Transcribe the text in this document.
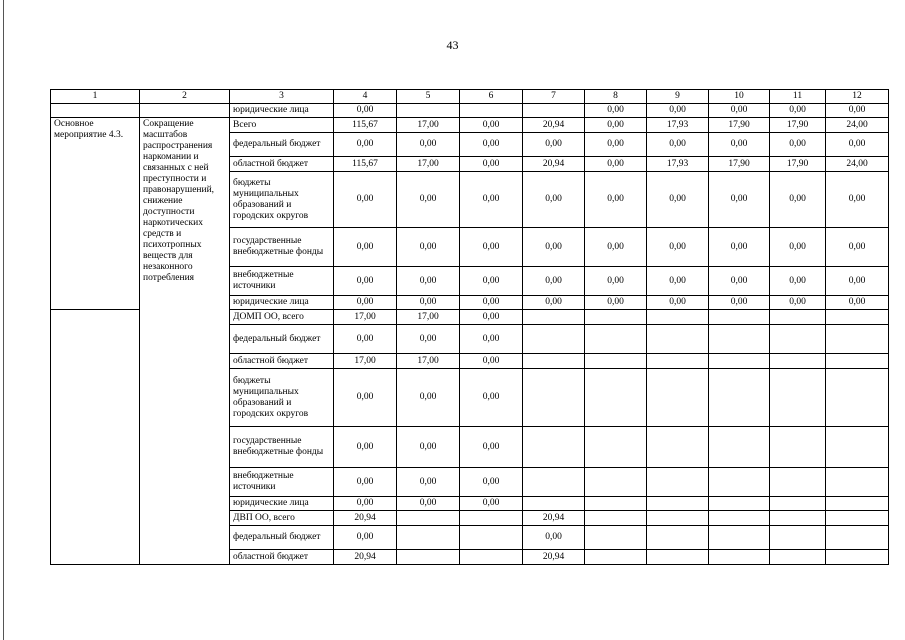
43
1	2	3	4	5	6	7	8	9	10	11	12
		юридические лица	0,00				0,00	0,00	0,00	0,00	0,00
Основное мероприятие 4.3.	Сокращение масштабов распространения наркомании и связанных с ней преступности и правонарушений, снижение доступности наркотических средств и психотропных веществ для незаконного потребления	Всего	115,67	17,00	0,00	20,94	0,00	17,93	17,90	17,90	24,00
		федеральный бюджет	0,00	0,00	0,00	0,00	0,00	0,00	0,00	0,00	0,00
		областной бюджет	115,67	17,00	0,00	20,94	0,00	17,93	17,90	17,90	24,00
		бюджеты муниципальных образований и городских округов	0,00	0,00	0,00	0,00	0,00	0,00	0,00	0,00	0,00
		государственные внебюджетные фонды	0,00	0,00	0,00	0,00	0,00	0,00	0,00	0,00	0,00
		внебюджетные источники	0,00	0,00	0,00	0,00	0,00	0,00	0,00	0,00	0,00
		юридические лица	0,00	0,00	0,00	0,00	0,00	0,00	0,00	0,00	0,00
		ДОМП ОО, всего	17,00	17,00	0,00						
		федеральный бюджет	0,00	0,00	0,00						
		областной бюджет	17,00	17,00	0,00						
		бюджеты муниципальных образований и городских округов	0,00	0,00	0,00						
		государственные внебюджетные фонды	0,00	0,00	0,00						
		внебюджетные источники	0,00	0,00	0,00						
		юридические лица	0,00	0,00	0,00						
		ДВП ОО, всего	20,94			20,94					
		федеральный бюджет	0,00			0,00					
		областной бюджет	20,94			20,94					
